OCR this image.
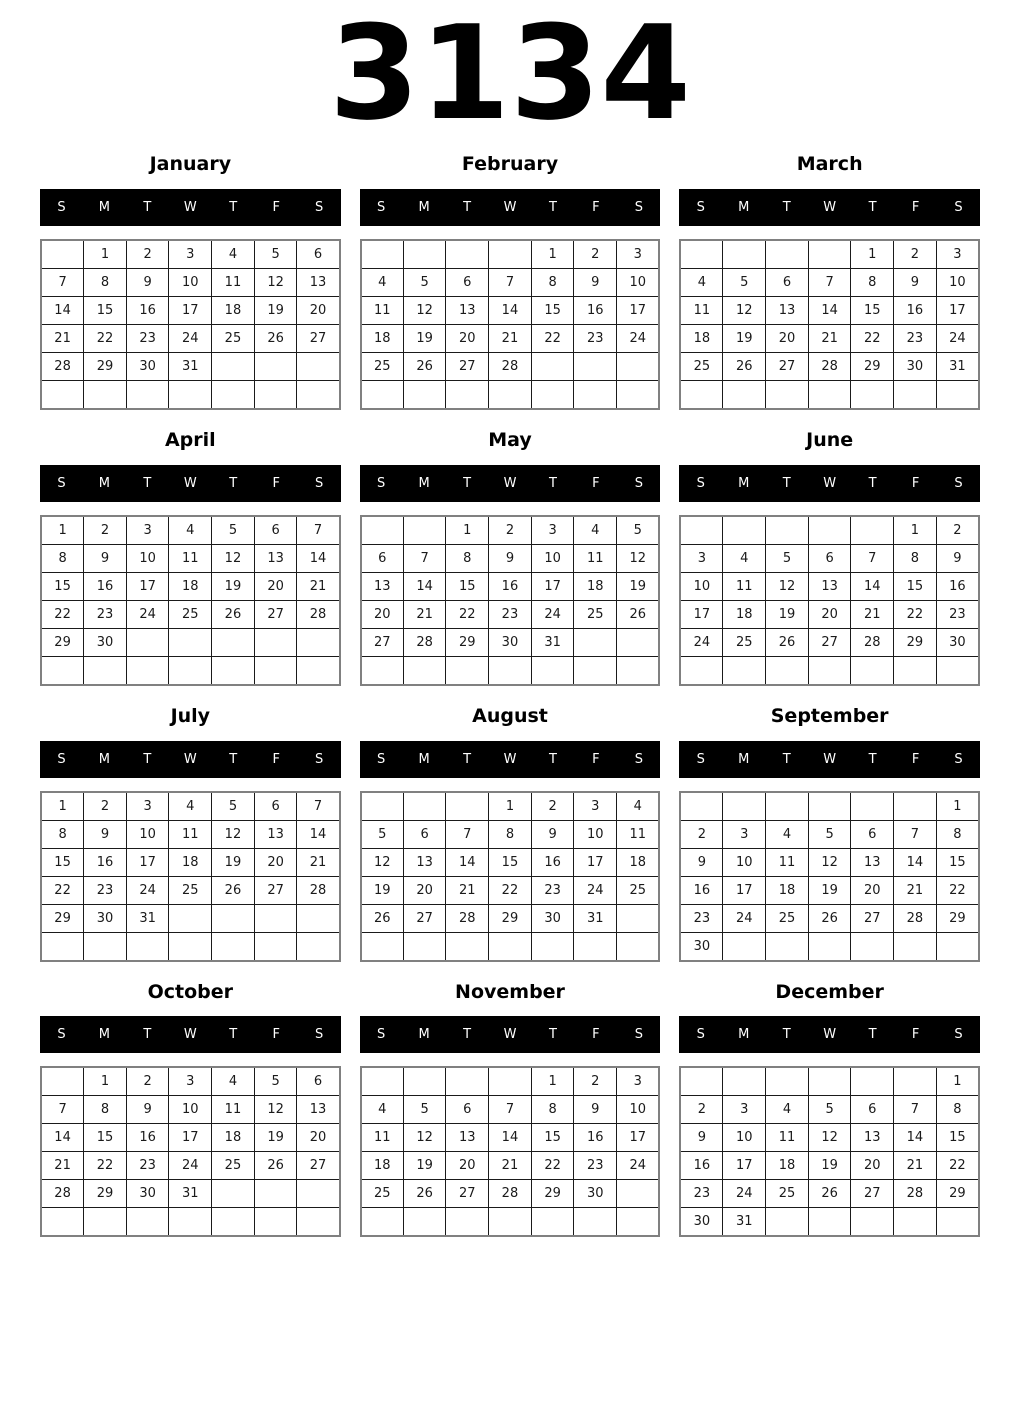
3134
January
S	M	T	W	T	F	S
	1	2	3	4	5	6
7	8	9	10	11	12	13
14	15	16	17	18	19	20
21	22	23	24	25	26	27
28	29	30	31			

February
S	M	T	W	T	F	S
				1	2	3
4	5	6	7	8	9	10
11	12	13	14	15	16	17
18	19	20	21	22	23	24
25	26	27	28			

March
S	M	T	W	T	F	S
				1	2	3
4	5	6	7	8	9	10
11	12	13	14	15	16	17
18	19	20	21	22	23	24
25	26	27	28	29	30	31

April
S	M	T	W	T	F	S
1	2	3	4	5	6	7
8	9	10	11	12	13	14
15	16	17	18	19	20	21
22	23	24	25	26	27	28
29	30					

May
S	M	T	W	T	F	S
		1	2	3	4	5
6	7	8	9	10	11	12
13	14	15	16	17	18	19
20	21	22	23	24	25	26
27	28	29	30	31		

June
S	M	T	W	T	F	S
					1	2
3	4	5	6	7	8	9
10	11	12	13	14	15	16
17	18	19	20	21	22	23
24	25	26	27	28	29	30

July
S	M	T	W	T	F	S
1	2	3	4	5	6	7
8	9	10	11	12	13	14
15	16	17	18	19	20	21
22	23	24	25	26	27	28
29	30	31				

August
S	M	T	W	T	F	S
			1	2	3	4
5	6	7	8	9	10	11
12	13	14	15	16	17	18
19	20	21	22	23	24	25
26	27	28	29	30	31	

September
S	M	T	W	T	F	S
						1
2	3	4	5	6	7	8
9	10	11	12	13	14	15
16	17	18	19	20	21	22
23	24	25	26	27	28	29
30						
October
S	M	T	W	T	F	S
	1	2	3	4	5	6
7	8	9	10	11	12	13
14	15	16	17	18	19	20
21	22	23	24	25	26	27
28	29	30	31			

November
S	M	T	W	T	F	S
				1	2	3
4	5	6	7	8	9	10
11	12	13	14	15	16	17
18	19	20	21	22	23	24
25	26	27	28	29	30	

December
S	M	T	W	T	F	S
						1
2	3	4	5	6	7	8
9	10	11	12	13	14	15
16	17	18	19	20	21	22
23	24	25	26	27	28	29
30	31					
